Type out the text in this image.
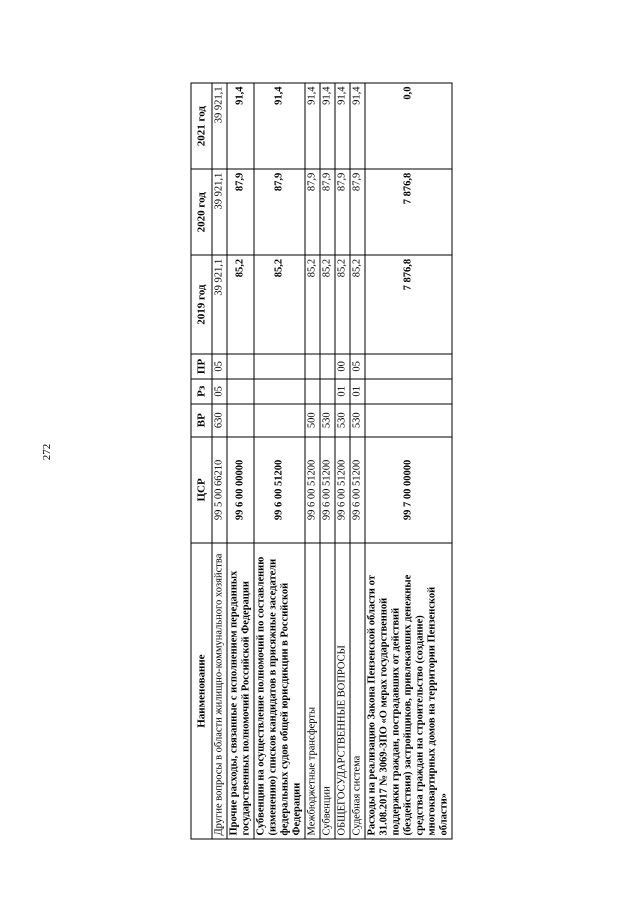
272
Наименование	ЦСР	ВР	Рз	ПР	2019 год	2020 год	2021 год
Другие вопросы в области жилищно-коммунального хозяйства	99 5 00 66210	630	05	05	39 921,1	39 921,1	39 921,1
Прочие расходы, связанные с исполнением переданных государственных полномочий Российской Федерации	99 6 00 00000				85,2	87,9	91,4
Субвенции на осуществление полномочий по составлению (изменению) списков кандидатов в присяжные заседатели федеральных судов общей юрисдикции в Российской Федерации	99 6 00 51200				85,2	87,9	91,4
Межбюджетные трансферты	99 6 00 51200	500			85,2	87,9	91,4
Субвенции	99 6 00 51200	530			85,2	87,9	91,4
ОБЩЕГОСУДАРСТВЕННЫЕ ВОПРОСЫ	99 6 00 51200	530	01	00	85,2	87,9	91,4
Судебная система	99 6 00 51200	530	01	05	85,2	87,9	91,4
Расходы на реализацию Закона Пензенской области от 31.08.2017 № 3069-ЗПО «О мерах государственной поддержки граждан, пострадавших от действий (бездействия) застройщиков, привлекавших денежные средства граждан на строительство (создание) многоквартирных домов на территории Пензенской области»	99 7 00 00000				7 876,8	7 876,8	0,0
